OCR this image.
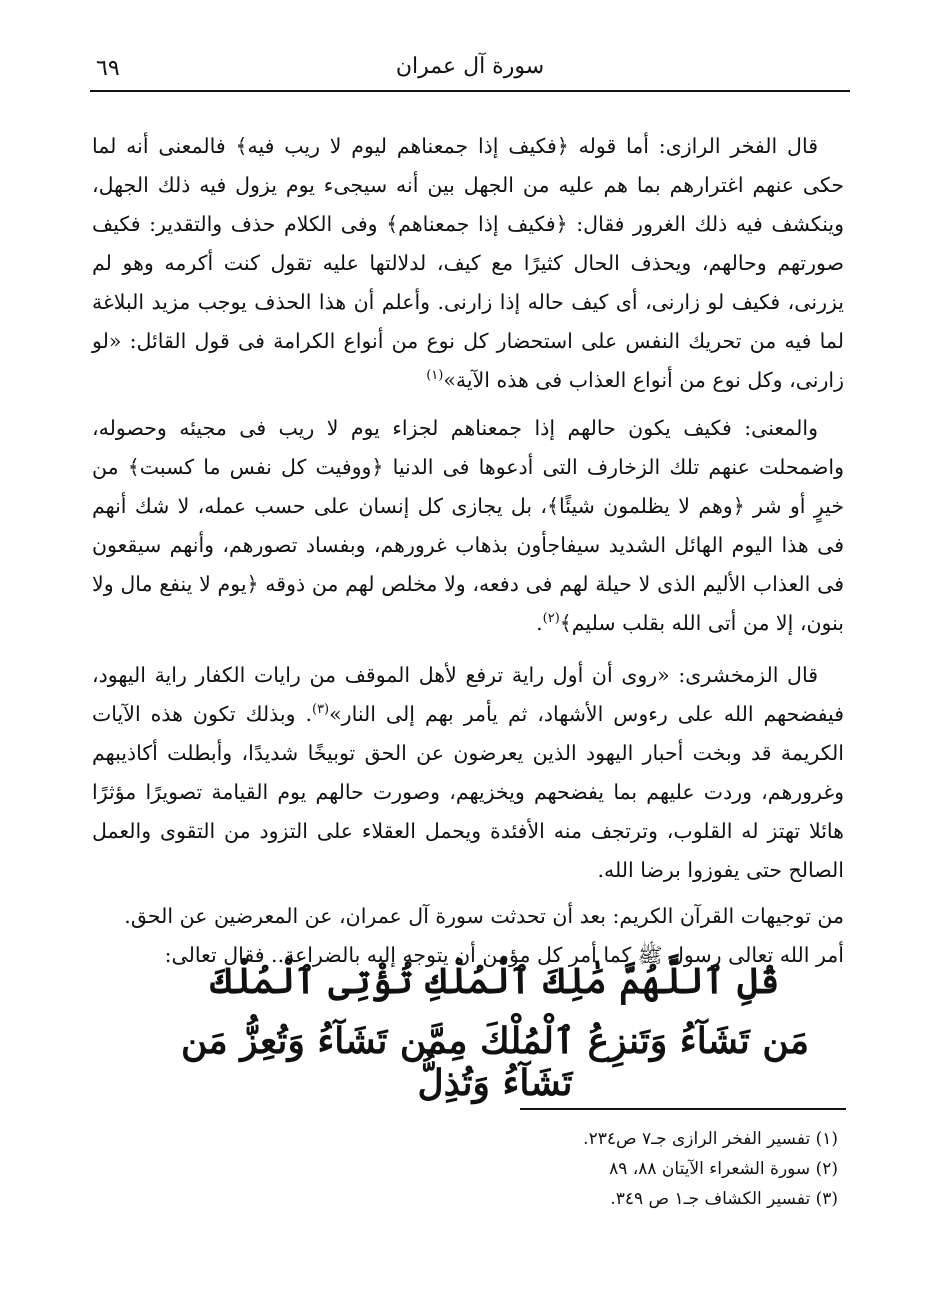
سورة آل عمران
٦٩

قال الفخر الرازى: أما قوله ﴿فكيف إذا جمعناهم ليوم لا ريب فيه﴾ فالمعنى أنه لما حكى عنهم اغترارهم بما هم عليه من الجهل بين أنه سيجىء يوم يزول فيه ذلك الجهل، وينكشف فيه ذلك الغرور فقال: ﴿فكيف إذا جمعناهم﴾ وفى الكلام حذف والتقدير: فكيف صورتهم وحالهم، ويحذف الحال كثيرًا مع كيف، لدلالتها عليه تقول كنت أكرمه وهو لم يزرنى، فكيف لو زارنى، أى كيف حاله إذا زارنى. وأعلم أن هذا الحذف يوجب مزيد البلاغة لما فيه من تحريك النفس على استحضار كل نوع من أنواع الكرامة فى قول القائل: «لو زارنى، وكل نوع من أنواع العذاب فى هذه الآية»$^{(١)}$

والمعنى: فكيف يكون حالهم إذا جمعناهم لجزاء يوم لا ريب فى مجيئه وحصوله، واضمحلت عنهم تلك الزخارف التى أدعوها فى الدنيا ﴿ووفيت كل نفس ما كسبت﴾ من خيرٍ أو شر ﴿وهم لا يظلمون شيئًا﴾، بل يجازى كل إنسان على حسب عمله، لا شك أنهم فى هذا اليوم الهائل الشديد سيفاجأون بذهاب غرورهم، وبفساد تصورهم، وأنهم سيقعون فى العذاب الأليم الذى لا حيلة لهم فى دفعه، ولا مخلص لهم من ذوقه ﴿يوم لا ينفع مال ولا بنون، إلا من أتى الله بقلب سليم﴾$^{(٢)}$.

قال الزمخشرى: «روى أن أول راية ترفع لأهل الموقف من رايات الكفار راية اليهود، فيفضحهم الله على رءوس الأشهاد، ثم يأمر بهم إلى النار»$^{(٣)}$. وبذلك تكون هذه الآيات الكريمة قد وبخت أحبار اليهود الذين يعرضون عن الحق توبيخًا شديدًا، وأبطلت أكاذيبهم وغرورهم، وردت عليهم بما يفضحهم ويخزيهم، وصورت حالهم يوم القيامة تصويرًا مؤثرًا هائلا تهتز له القلوب، وترتجف منه الأفئدة ويحمل العقلاء على التزود من التقوى والعمل الصالح حتى يفوزوا برضا الله.

من توجيهات القرآن الكريم: بعد أن تحدثت سورة آل عمران، عن المعرضين عن الحق.
أمر الله تعالى رسول ﷺ كما أمر كل مؤمن أن يتوجه إليه بالضراعة.. فقال تعالى:

قُلِ ٱللَّهُمَّ مَٰلِكَ ٱلْمُلْكِ تُؤْتِى ٱلْمُلْكَ
مَن تَشَآءُ وَتَنزِعُ ٱلْمُلْكَ مِمَّن تَشَآءُ وَتُعِزُّ مَن تَشَآءُ وَتُذِلُّ
(١) تفسير الفخر الرازى جـ٧ ص٢٣٤.
(٢) سورة الشعراء الآيتان ٨٨، ٨٩
(٣) تفسير الكشاف جـ١ ص ٣٤٩.
